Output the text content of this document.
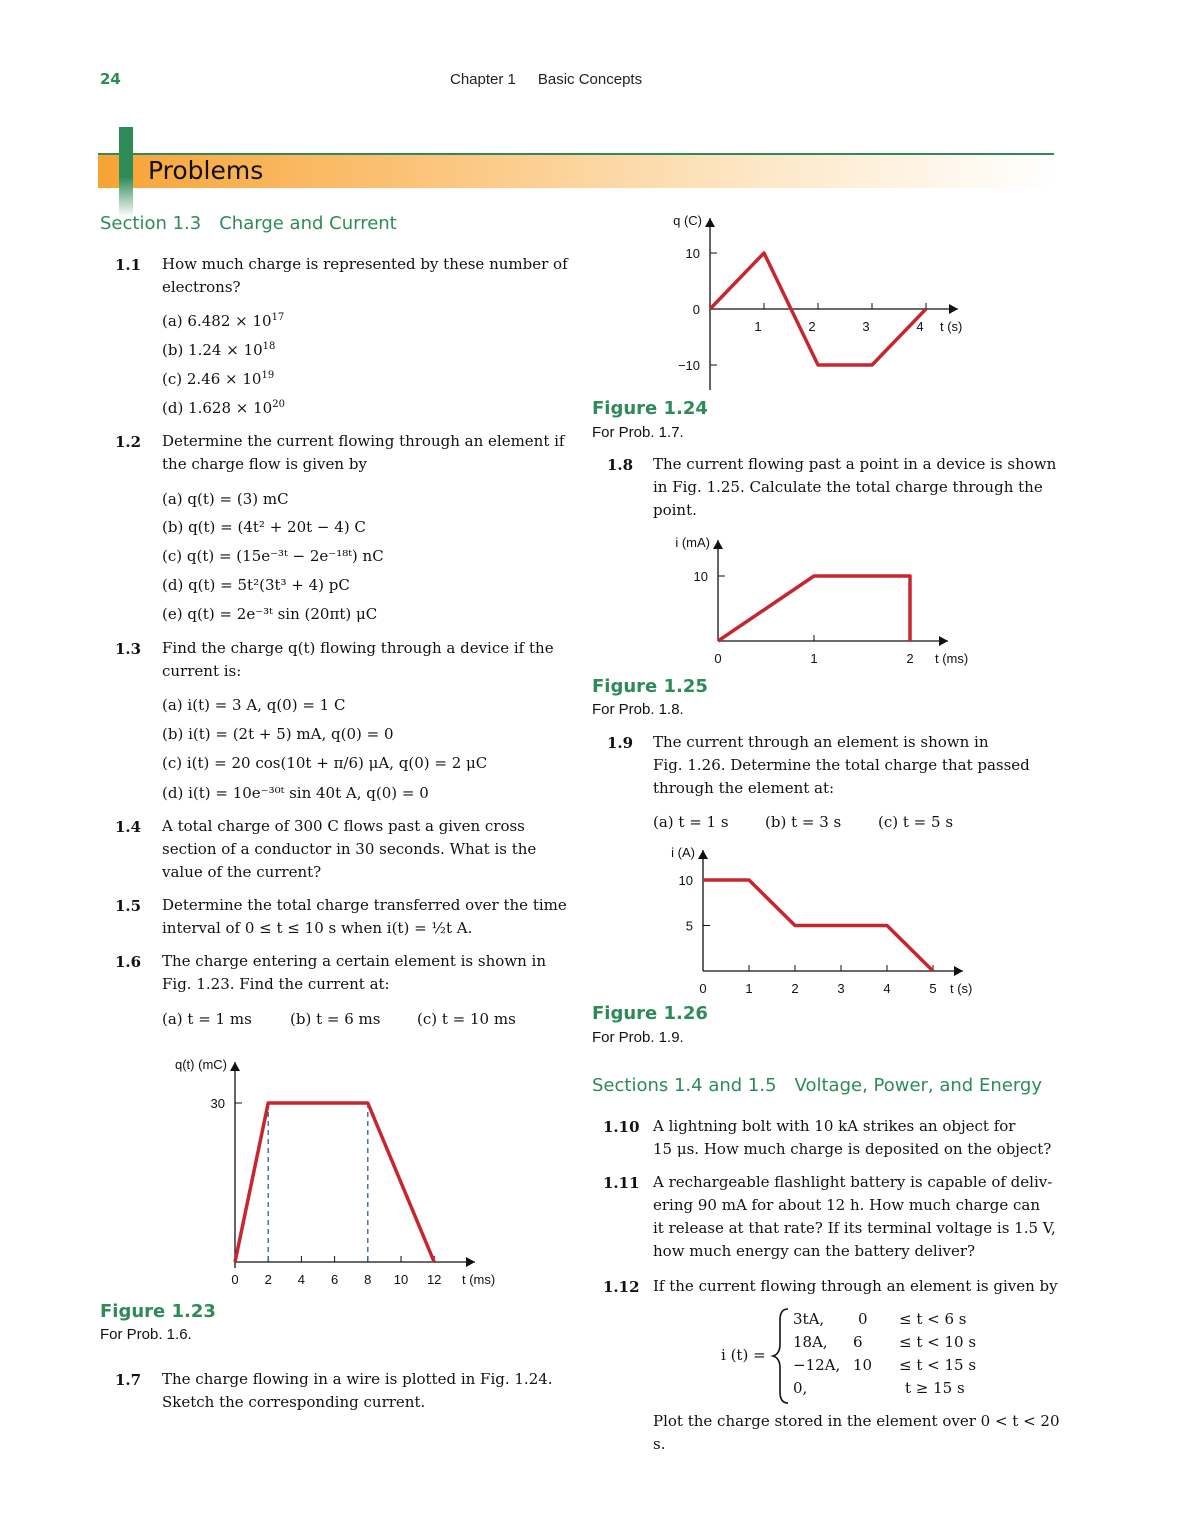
24	Chapter 1 Basic Concepts
Problems
Section 1.3 Charge and Current
1.1 How much charge is represented by these number of
electrons?
(a) $6.482 \times 10^{17}$
(b) $1.24 \times 10^{18}$
(c) $2.46 \times 10^{19}$
(d) $1.628 \times 10^{20}$
1.2 Determine the current flowing through an element if
the charge flow is given by
(a) q(t) = (3) mC
(b) q(t) = (4t² + 20t − 4) C
(c) q(t) = (15e⁻³ᵗ − 2e⁻¹⁸ᵗ) nC
(d) q(t) = 5t²(3t³ + 4) pC
(e) q(t) = 2e⁻³ᵗ sin (20πt) μC
1.3 Find the charge q(t) flowing through a device if the
current is:
(a) i(t) = 3 A, q(0) = 1 C
(b) i(t) = (2t + 5) mA, q(0) = 0
(c) i(t) = 20 cos(10t + π/6) μA, q(0) = 2 μC
(d) i(t) = 10e⁻³⁰ᵗ sin 40t A, q(0) = 0
1.4 A total charge of 300 C flows past a given cross
section of a conductor in 30 seconds. What is the
value of the current?
1.5 Determine the total charge transferred over the time
interval of 0 ≤ t ≤ 10 s when i(t) = ½t A.
1.6 The charge entering a certain element is shown in
Fig. 1.23. Find the current at:
(a) t = 1 ms	(b) t = 6 ms (c) t = 10 ms
q(t) (mC)
t (ms)
0 2 4 6 8 10 12
30
Figure 1.23
For Prob. 1.6.
1.7 The charge flowing in a wire is plotted in Fig. 1.24.
Sketch the corresponding current.
q (C)
t (s)
1	2	3	4
10
0
−10
Figure 1.24
For Prob. 1.7.
1.8 The current flowing past a point in a device is shown
in Fig. 1.25. Calculate the total charge through the
point.
i (mA)
t (ms)
0	1	2
10
Figure 1.25
For Prob. 1.8.
1.9 The current through an element is shown in
Fig. 1.26. Determine the total charge that passed
through the element at:
(a) t = 1 s (b) t = 3 s (c) t = 5 s
i (A)
t (s)
0	1	2	3	4	5
10
5
Figure 1.26
For Prob. 1.9.
Sections 1.4 and 1.5 Voltage, Power, and Energy
1.10 A lightning bolt with 10 kA strikes an object for
15 μs. How much charge is deposited on the object?
1.11 A rechargeable flashlight battery is capable of deliv-
ering 90 mA for about 12 h. How much charge can
it release at that rate? If its terminal voltage is 1.5 V,
how much energy can the battery deliver?
1.12 If the current flowing through an element is given by
i (t) =
3tA, 0 ≤ t < 6 s
18A, 6 ≤ t < 10 s
−12A, 10 ≤ t < 15 s
0,	t ≥ 15 s
Plot the charge stored in the element over 0 < t < 20 s.
